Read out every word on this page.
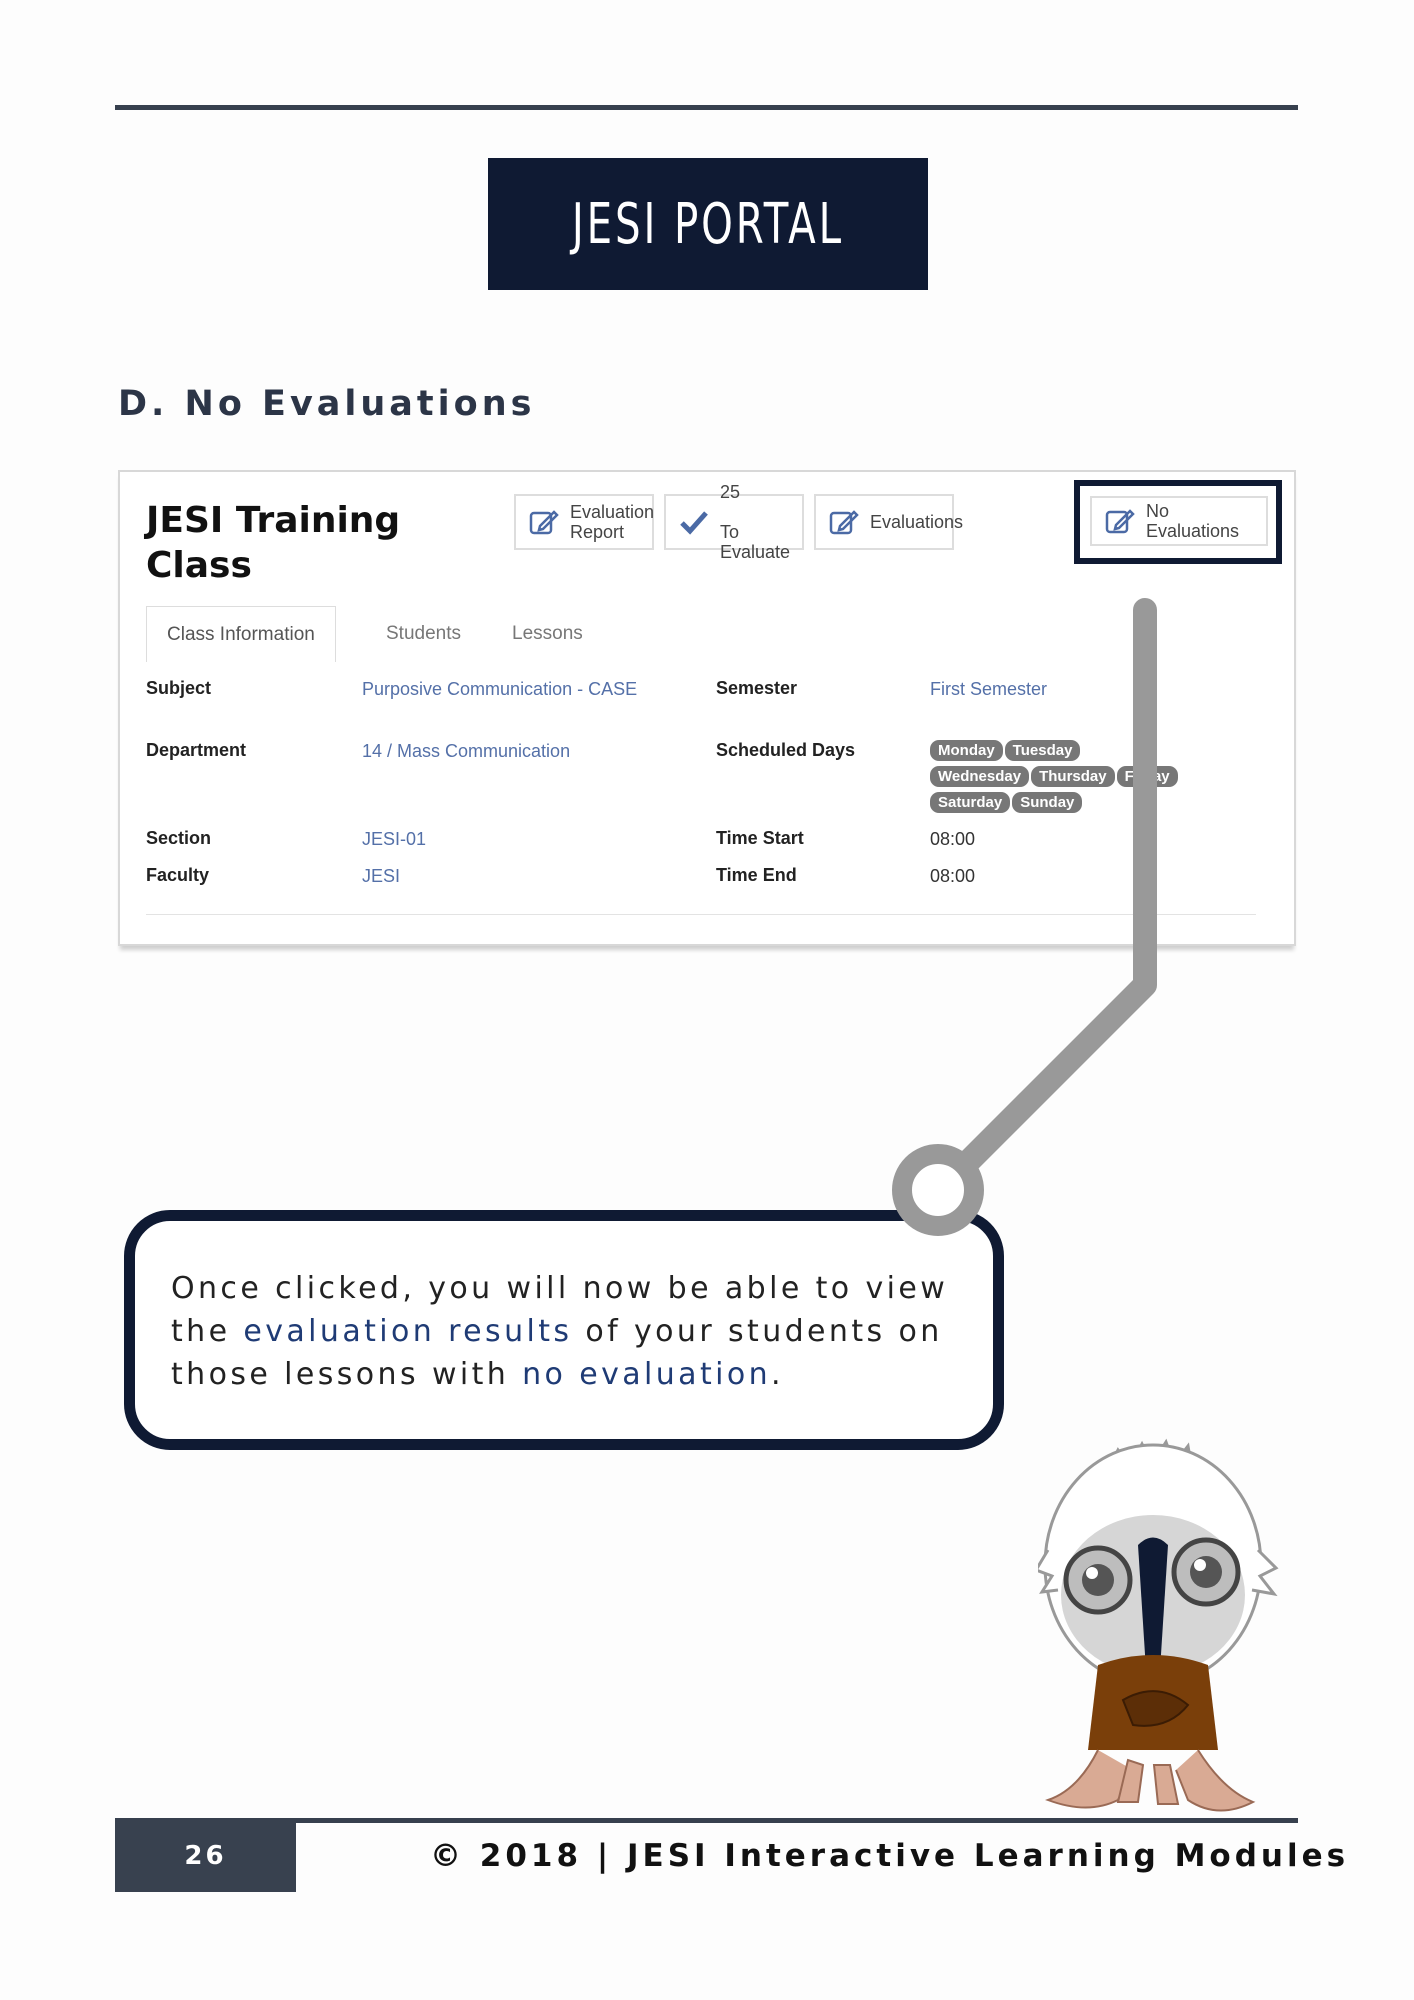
JESI PORTAL
D. No Evaluations
JESI Training Class
Evaluation
Report

25

To Evaluate

Evaluations
No
Evaluations
Class Information	Students	Lessons
Subject	Purposive Communication - CASE
Department	14 / Mass Communication
Section	JESI-01
Faculty	JESI
Semester	First Semester
Scheduled Days	Monday Tuesday
Wednesday Thursday Friday
Saturday Sunday
Time Start	08:00
Time End	08:00

Once clicked, you will now be able to view the evaluation results of your students on those lessons with no evaluation.

26	© 2018 | JESI Interactive Learning Modules
